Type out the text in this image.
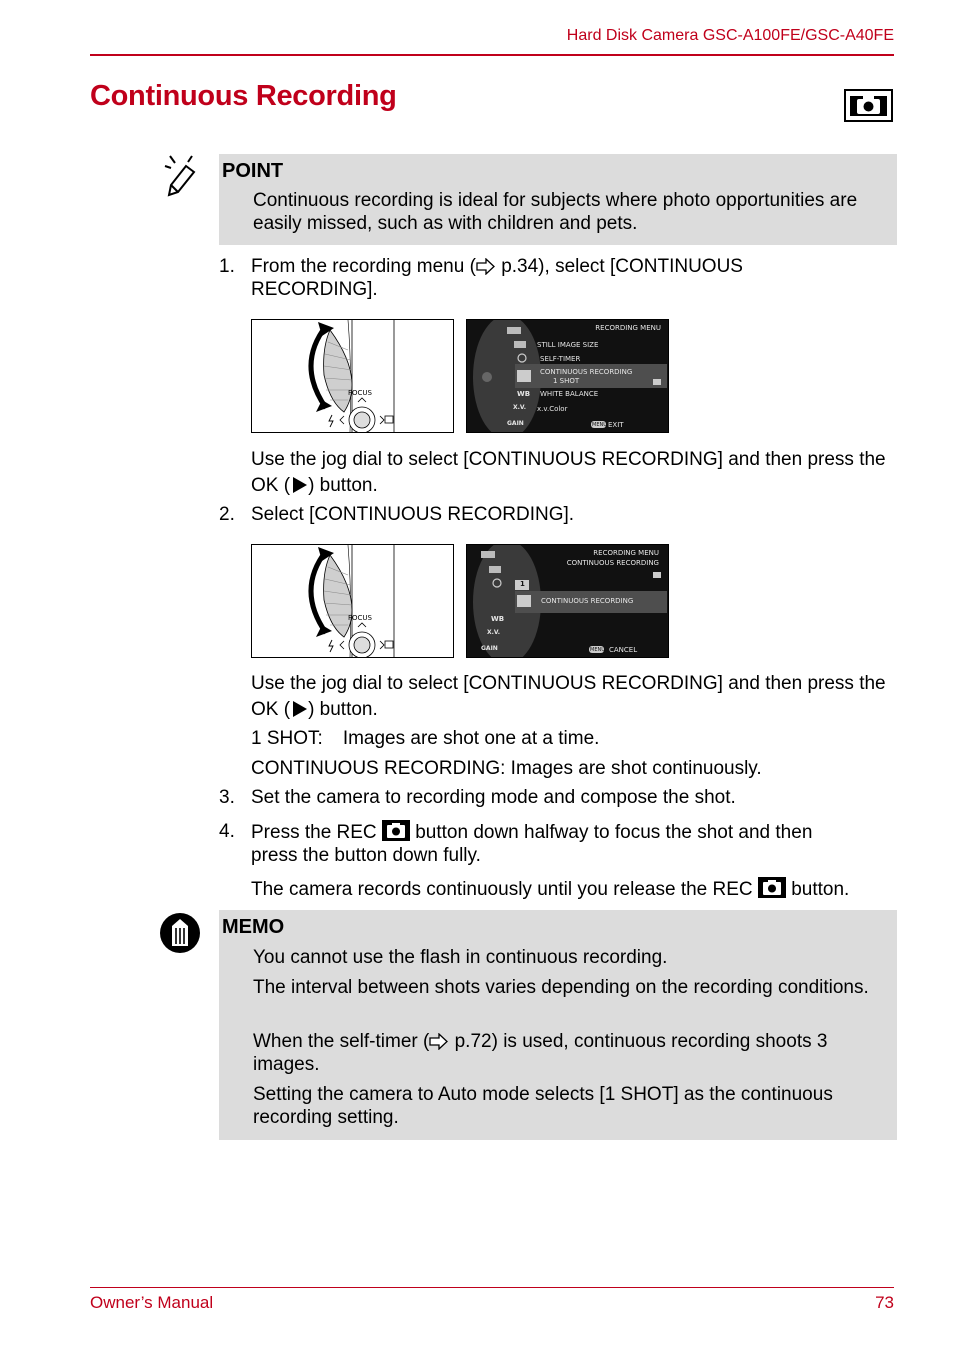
Hard Disk Camera GSC-A100FE/GSC-A40FE
Continuous Recording
POINT
Continuous recording is ideal for subjects where photo opportunities are easily missed, such as with children and pets.
1. From the recording menu ( p.34), select [CONTINUOUS RECORDING].
FOCUS
RECORDING MENU
STILL IMAGE SIZE
SELF-TIMER
CONTINUOUS RECORDING
1 SHOT
WHITE BALANCE
x.v.Color
WB
X.V.
GAIN	MENU EXIT
Use the jog dial to select [CONTINUOUS RECORDING] and then press the OK ( ) button.
2. Select [CONTINUOUS RECORDING].
FOCUS
RECORDING MENU
CONTINUOUS RECORDING
1
CONTINUOUS RECORDING
WB
X.V.
GAIN	MENU CANCEL
Use the jog dial to select [CONTINUOUS RECORDING] and then press the OK ( ) button.
1 SHOT: Images are shot one at a time.
CONTINUOUS RECORDING: Images are shot continuously.
3. Set the camera to recording mode and compose the shot.
4. Press the REC  button down halfway to focus the shot and then press the button down fully.
The camera records continuously until you release the REC  button.
MEMO
You cannot use the flash in continuous recording.
The interval between shots varies depending on the recording conditions.
When the self-timer ( p.72) is used, continuous recording shoots 3 images.
Setting the camera to Auto mode selects [1 SHOT] as the continuous recording setting.
Owner’s Manual	73
